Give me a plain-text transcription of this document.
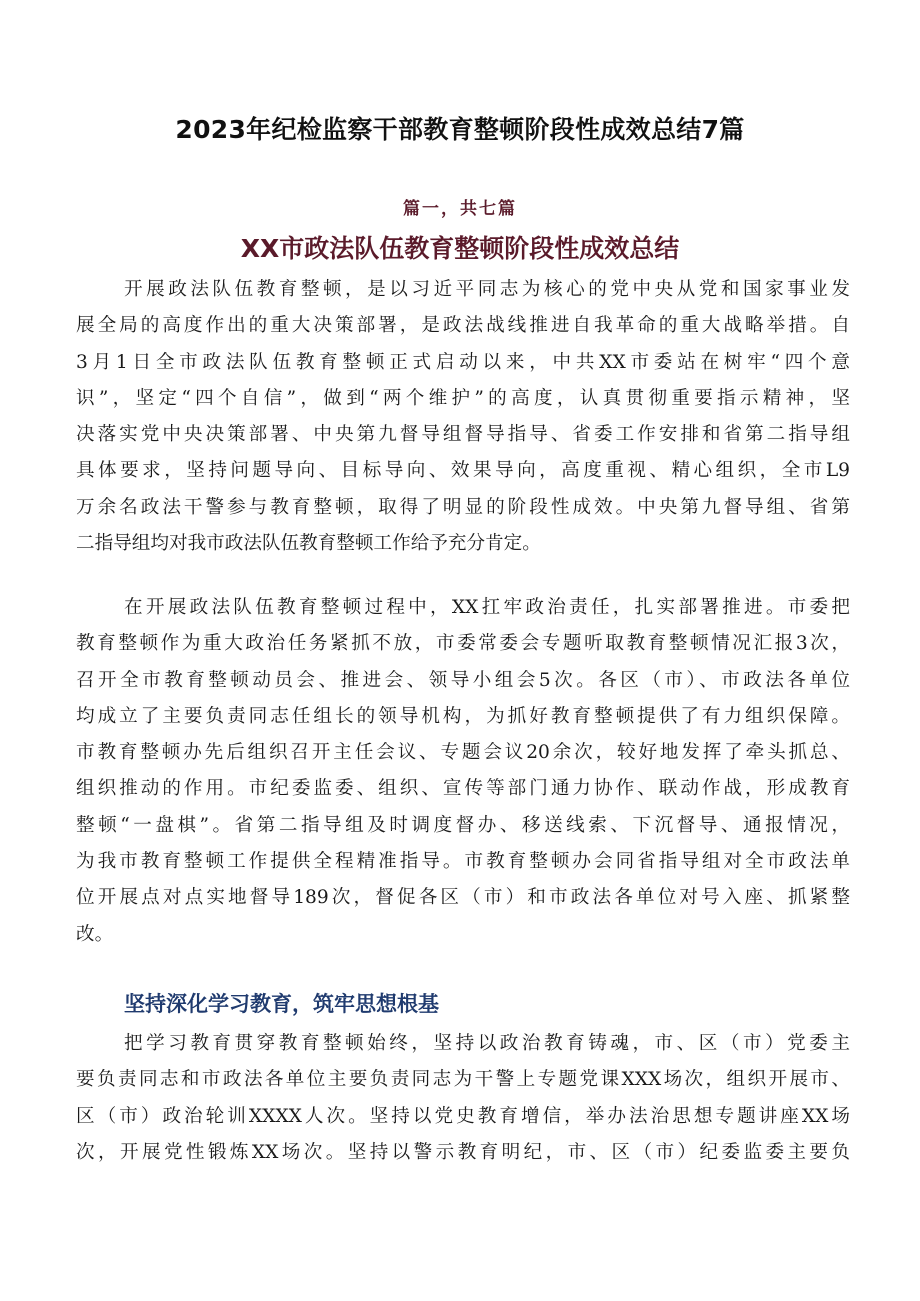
2023年纪检监察干部教育整顿阶段性成效总结7篇
篇一，共七篇
XX市政法队伍教育整顿阶段性成效总结
开展政法队伍教育整顿，是以习近平同志为核心的党中央从党和国家事业发
展全局的高度作出的重大决策部署，是政法战线推进自我革命的重大战略举措。自
3月1日全市政法队伍教育整顿正式启动以来，中共XX市委站在树牢“四个意
识”，坚定“四个自信”，做到“两个维护”的高度，认真贯彻重要指示精神，坚
决落实党中央决策部署、中央第九督导组督导指导、省委工作安排和省第二指导组
具体要求，坚持问题导向、目标导向、效果导向，高度重视、精心组织，全市L9
万余名政法干警参与教育整顿，取得了明显的阶段性成效。中央第九督导组、省第
二指导组均对我市政法队伍教育整顿工作给予充分肯定。
在开展政法队伍教育整顿过程中，XX扛牢政治责任，扎实部署推进。市委把
教育整顿作为重大政治任务紧抓不放，市委常委会专题听取教育整顿情况汇报3次，
召开全市教育整顿动员会、推进会、领导小组会5次。各区（市）、市政法各单位
均成立了主要负责同志任组长的领导机构，为抓好教育整顿提供了有力组织保障。
市教育整顿办先后组织召开主任会议、专题会议20余次，较好地发挥了牵头抓总、
组织推动的作用。市纪委监委、组织、宣传等部门通力协作、联动作战，形成教育
整顿“一盘棋”。省第二指导组及时调度督办、移送线索、下沉督导、通报情况，
为我市教育整顿工作提供全程精准指导。市教育整顿办会同省指导组对全市政法单
位开展点对点实地督导189次，督促各区（市）和市政法各单位对号入座、抓紧整
改。
坚持深化学习教育，筑牢思想根基
把学习教育贯穿教育整顿始终，坚持以政治教育铸魂，市、区（市）党委主
要负责同志和市政法各单位主要负责同志为干警上专题党课XXX场次，组织开展市、
区（市）政治轮训XXXX人次。坚持以党史教育增信，举办法治思想专题讲座XX场
次，开展党性锻炼XX场次。坚持以警示教育明纪，市、区（市）纪委监委主要负
